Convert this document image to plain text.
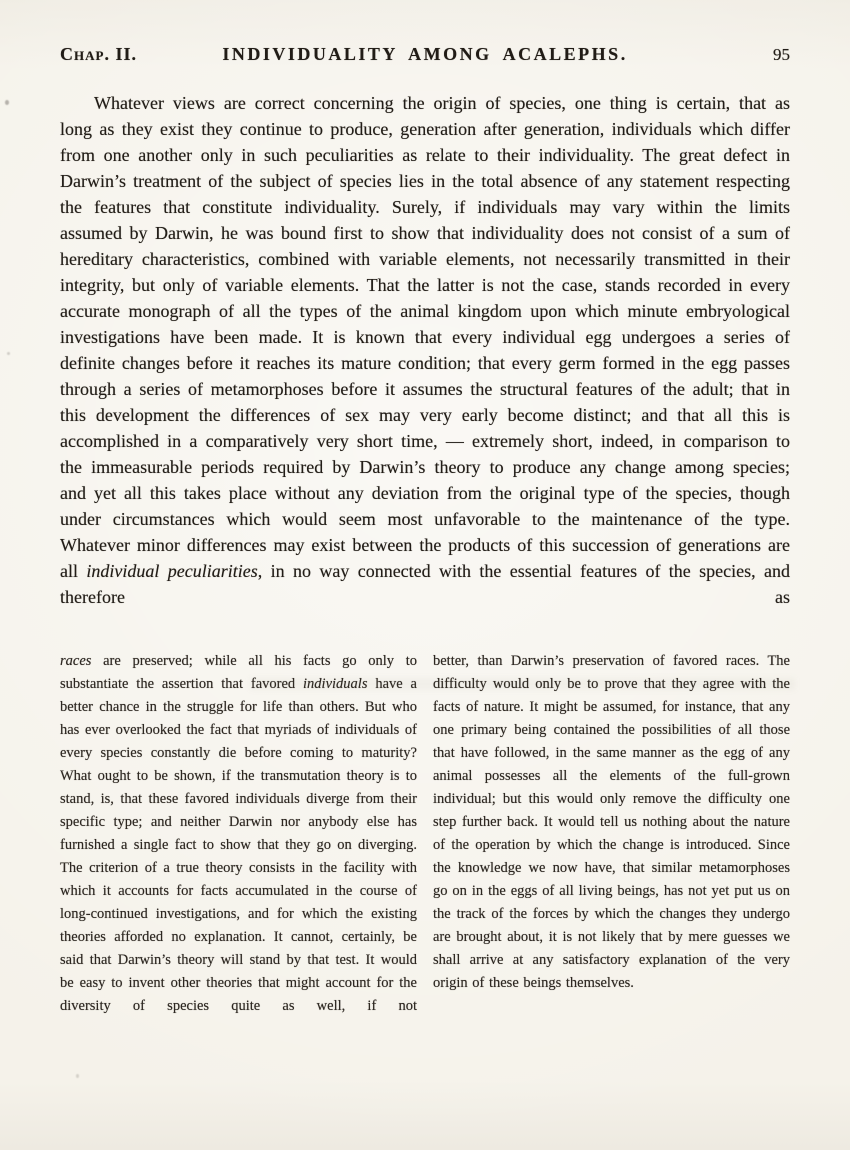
Chap. II.	INDIVIDUALITY AMONG ACALEPHS.	95
Whatever views are correct concerning the origin of species, one thing is certain, that as long as they exist they continue to produce, generation after generation, individuals which differ from one another only in such peculiarities as relate to their individuality. The great defect in Darwin’s treatment of the subject of species lies in the total absence of any statement respecting the features that constitute individuality. Surely, if individuals may vary within the limits assumed by Darwin, he was bound first to show that individuality does not consist of a sum of hereditary characteristics, combined with variable elements, not necessarily transmitted in their integrity, but only of variable elements. That the latter is not the case, stands recorded in every accurate monograph of all the types of the animal kingdom upon which minute embryological investigations have been made. It is known that every individual egg undergoes a series of definite changes before it reaches its mature condition; that every germ formed in the egg passes through a series of metamorphoses before it assumes the structural features of the adult; that in this development the differences of sex may very early become distinct; and that all this is accomplished in a comparatively very short time, — extremely short, indeed, in comparison to the immeasurable periods required by Darwin’s theory to produce any change among species; and yet all this takes place without any deviation from the original type of the species, though under circumstances which would seem most unfavorable to the maintenance of the type. Whatever minor differences may exist between the products of this succession of generations are all individual peculiarities, in no way connected with the essential features of the species, and therefore as
races are preserved; while all his facts go only to substantiate the assertion that favored individuals have a better chance in the struggle for life than others. But who has ever overlooked the fact that myriads of individuals of every species constantly die before coming to maturity? What ought to be shown, if the transmutation theory is to stand, is, that these favored individuals diverge from their specific type; and neither Darwin nor anybody else has furnished a single fact to show that they go on diverging. The criterion of a true theory consists in the facility with which it accounts for facts accumulated in the course of long-continued investigations, and for which the existing theories afforded no explanation. It cannot, certainly, be said that Darwin’s theory will stand by that test. It would be easy to invent other theories that might account for the diversity of species quite as well, if not
better, than Darwin’s preservation of favored races. The difficulty would only be to prove that they agree with the facts of nature. It might be assumed, for instance, that any one primary being contained the possibilities of all those that have followed, in the same manner as the egg of any animal possesses all the elements of the full-grown individual; but this would only remove the difficulty one step further back. It would tell us nothing about the nature of the operation by which the change is introduced. Since the knowledge we now have, that similar metamorphoses go on in the eggs of all living beings, has not yet put us on the track of the forces by which the changes they undergo are brought about, it is not likely that by mere guesses we shall arrive at any satisfactory explanation of the very origin of these beings themselves.
